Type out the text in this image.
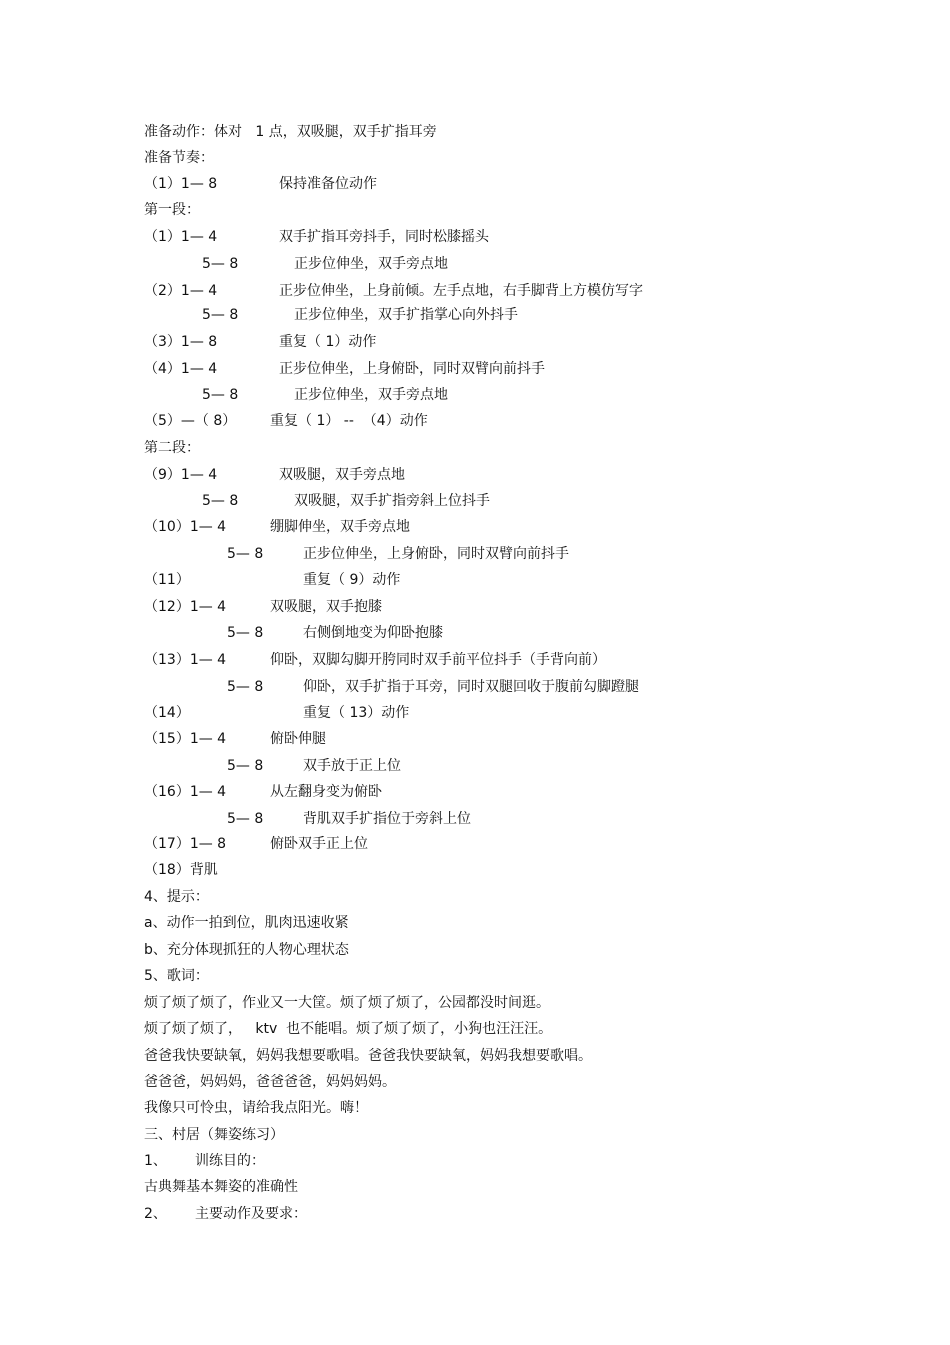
准备动作：体对   1 点，双吸腿，双手扩指耳旁
准备节奏：
（1）1— 8	保持准备位动作
第一段：
（1）1— 4	双手扩指耳旁抖手，同时松膝摇头
5— 8	正步位伸坐，双手旁点地
（2）1— 4	正步位伸坐，上身前倾。左手点地，右手脚背上方模仿写字
5— 8	正步位伸坐，双手扩指掌心向外抖手
（3）1— 8	重复（ 1）动作
（4）1— 4	正步位伸坐，上身俯卧，同时双臂向前抖手
5— 8	正步位伸坐，双手旁点地
（5）—（ 8） 重复（ 1） --  （4）动作
第二段：
（9）1— 4	双吸腿，双手旁点地
5— 8	双吸腿，双手扩指旁斜上位抖手
（10）1— 4	绷脚伸坐，双手旁点地
5— 8	正步位伸坐，上身俯卧，同时双臂向前抖手
（11）	重复（ 9）动作
（12）1— 4	双吸腿，双手抱膝
5— 8	右侧倒地变为仰卧抱膝
（13）1— 4	仰卧，双脚勾脚开胯同时双手前平位抖手（手背向前）
5— 8	仰卧，双手扩指于耳旁，同时双腿回收于腹前勾脚蹬腿
（14）	重复（ 13）动作
（15）1— 4	俯卧伸腿
5— 8	双手放于正上位
（16）1— 4	从左翻身变为俯卧
5— 8	背肌双手扩指位于旁斜上位
（17）1— 8	俯卧双手正上位
（18）背肌
4、提示：
a、动作一拍到位，肌肉迅速收紧
b、充分体现抓狂的人物心理状态
5、歌词：
烦了烦了烦了，作业又一大筐。烦了烦了烦了，公园都没时间逛。
烦了烦了烦了，   ktv  也不能唱。烦了烦了烦了，小狗也汪汪汪。
爸爸我快要缺氧，妈妈我想要歌唱。爸爸我快要缺氧，妈妈我想要歌唱。
爸爸爸，妈妈妈，爸爸爸爸，妈妈妈妈。
我像只可怜虫，请给我点阳光。嗨！
三、村居（舞姿练习）
1、 训练目的：
古典舞基本舞姿的准确性
2、 主要动作及要求：
